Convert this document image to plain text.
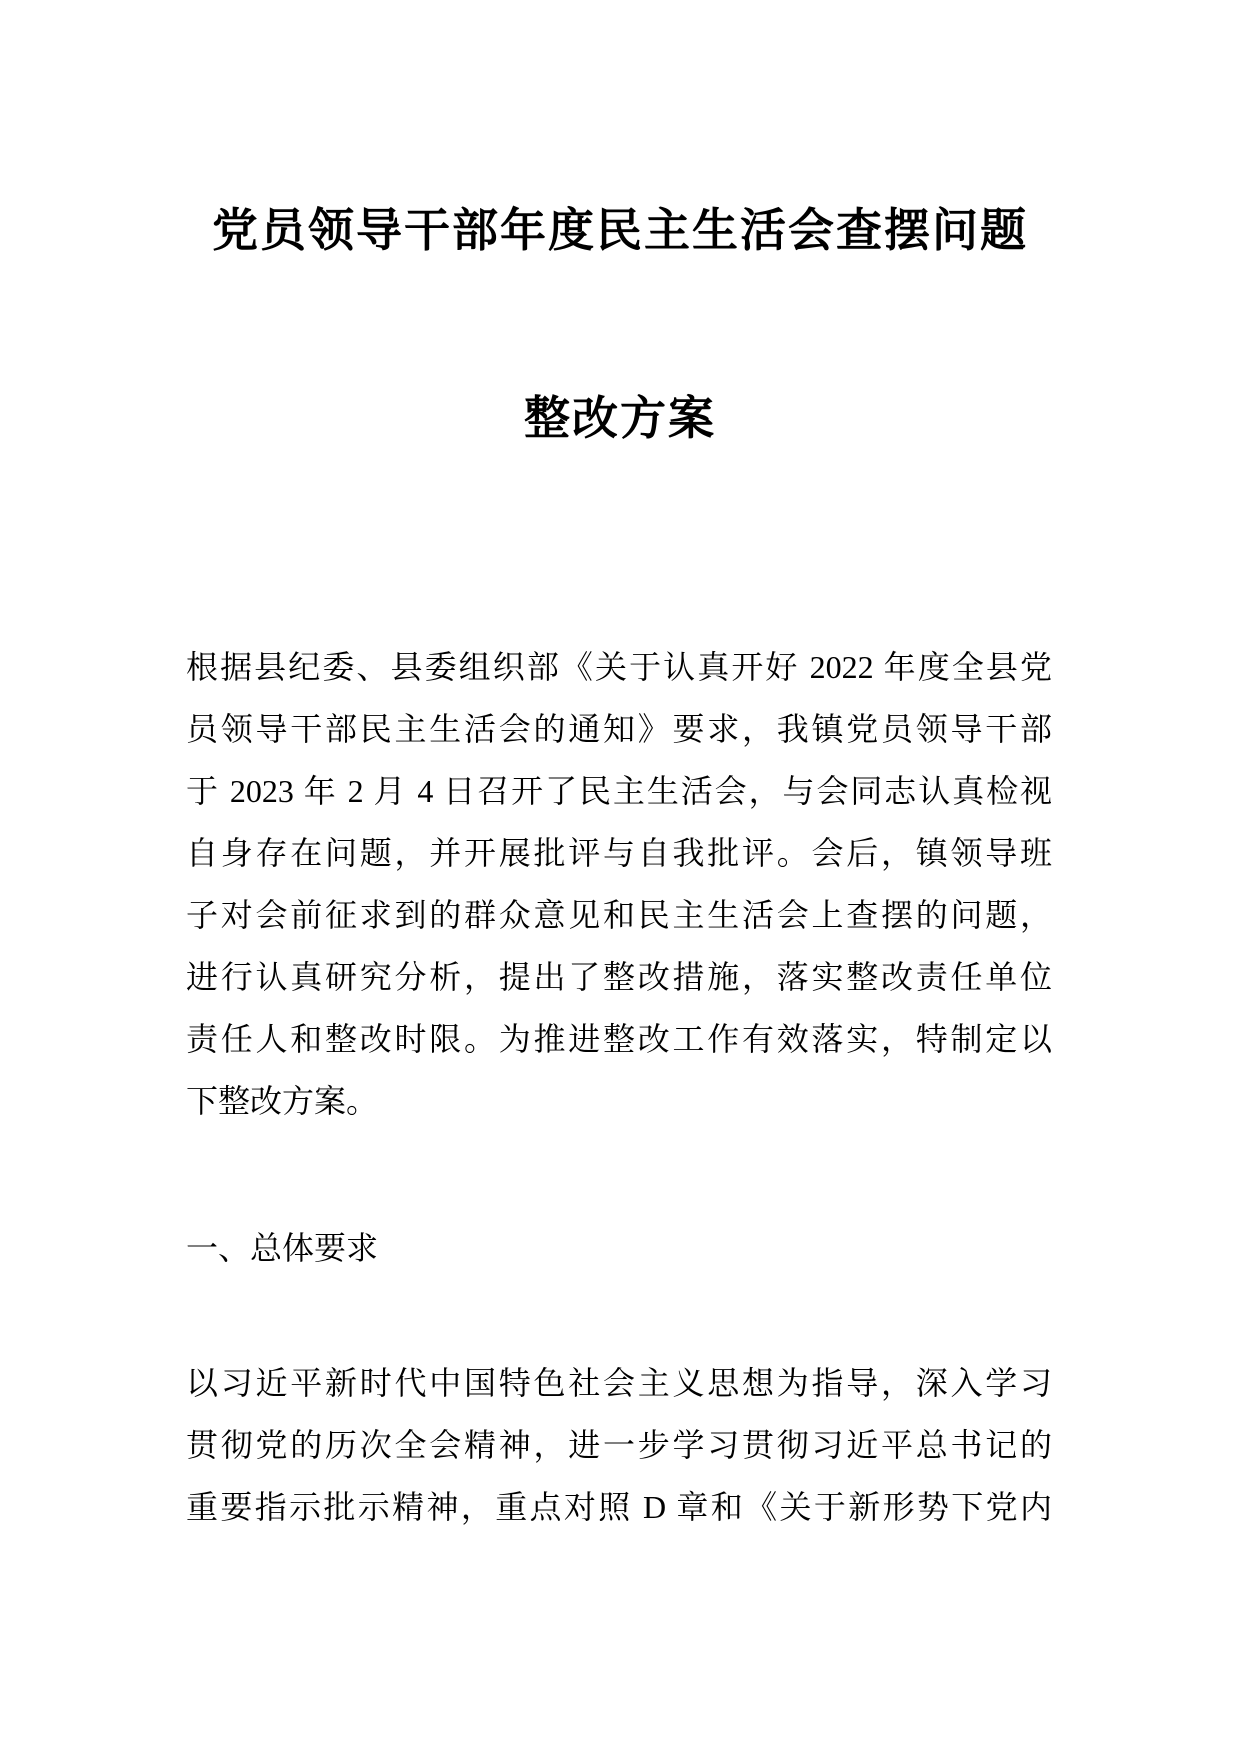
党员领导干部年度民主生活会查摆问题
整改方案
根据县纪委、县委组织部《关于认真开好 2022 年度全县党
员领导干部民主生活会的通知》要求，我镇党员领导干部
于 2023 年 2 月 4 日召开了民主生活会，与会同志认真检视
自身存在问题，并开展批评与自我批评。会后，镇领导班
子对会前征求到的群众意见和民主生活会上查摆的问题，
进行认真研究分析，提出了整改措施，落实整改责任单位
责任人和整改时限。为推进整改工作有效落实，特制定以
下整改方案。
一、总体要求
以习近平新时代中国特色社会主义思想为指导，深入学习
贯彻党的历次全会精神，进一步学习贯彻习近平总书记的
重要指示批示精神，重点对照 D 章和《关于新形势下党内
